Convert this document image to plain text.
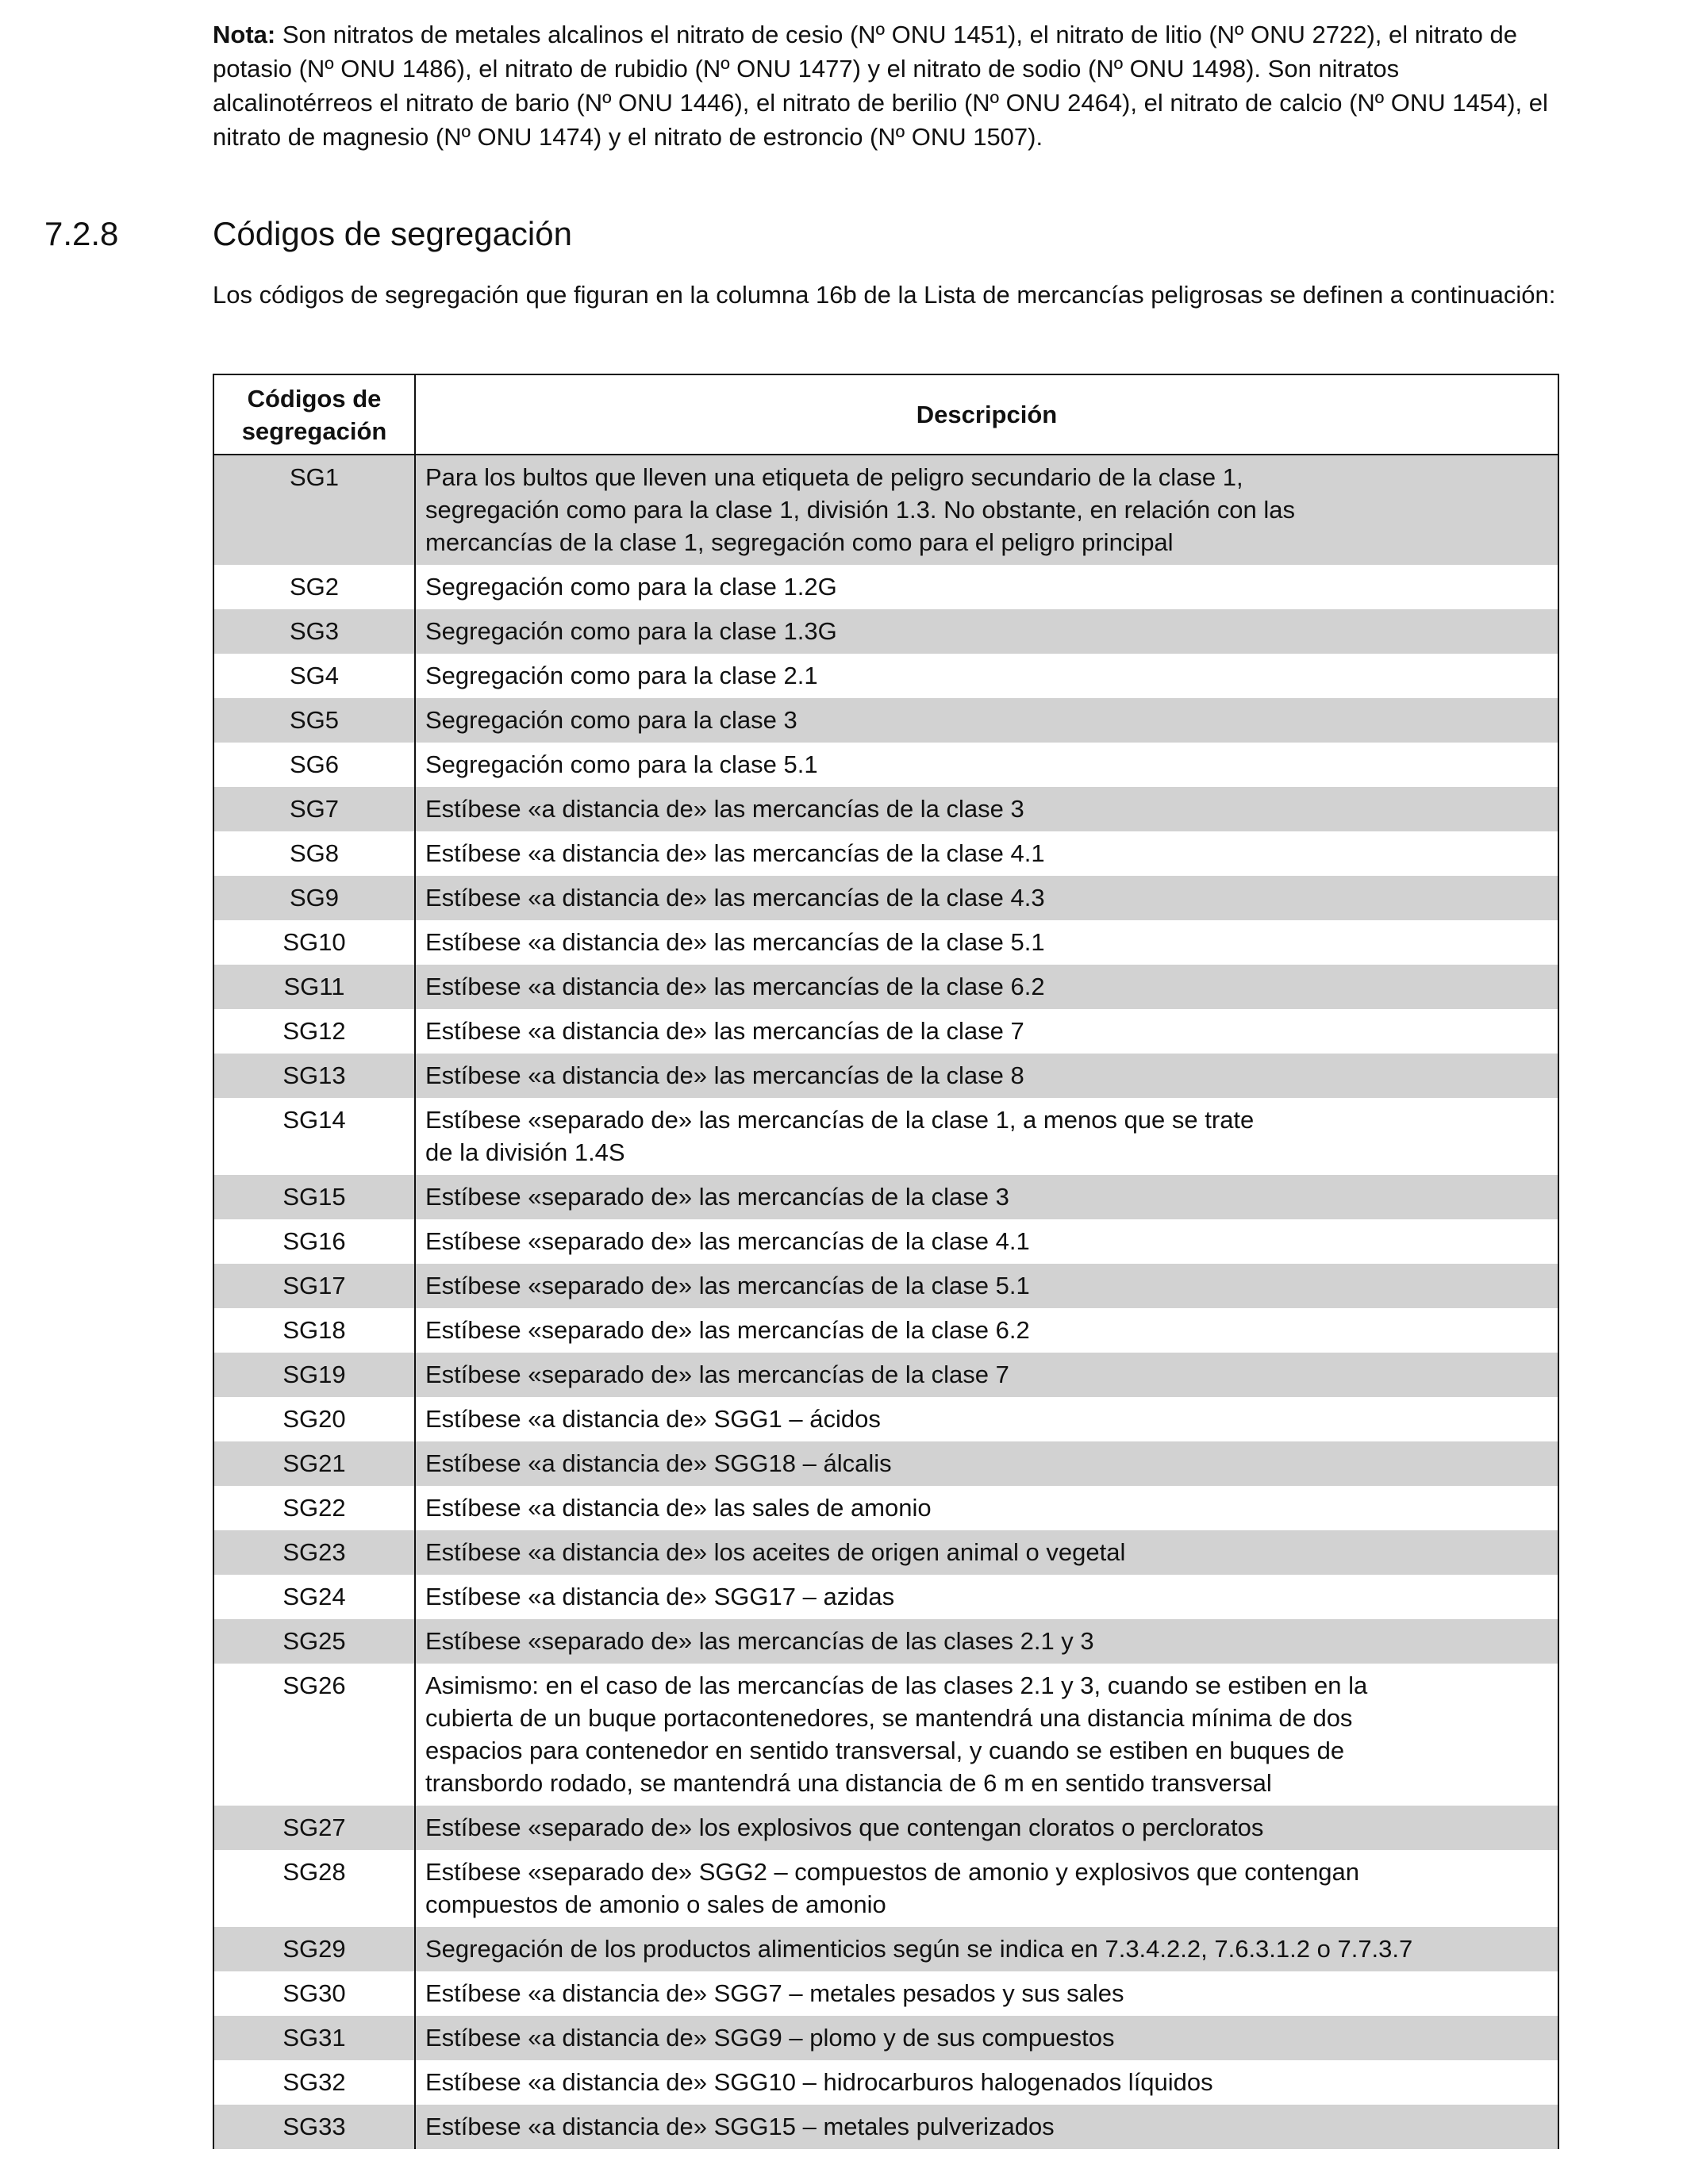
Nota: Son nitratos de metales alcalinos el nitrato de cesio (Nº ONU 1451), el nitrato de litio (Nº ONU 2722), el nitrato de potasio (Nº ONU 1486), el nitrato de rubidio (Nº ONU 1477) y el nitrato de sodio (Nº ONU 1498). Son nitratos alcalinotérreos el nitrato de bario (Nº ONU 1446), el nitrato de berilio (Nº ONU 2464), el nitrato de calcio (Nº ONU 1454), el nitrato de magnesio (Nº ONU 1474) y el nitrato de estroncio (Nº ONU 1507).
7.2.8	Códigos de segregación
Los códigos de segregación que figuran en la columna 16b de la Lista de mercancías peligrosas se definen a continuación:
Códigos de
segregación	Descripción
SG1	Para los bultos que lleven una etiqueta de peligro secundario de la clase 1,
segregación como para la clase 1, división 1.3. No obstante, en relación con las
mercancías de la clase 1, segregación como para el peligro principal
SG2	Segregación como para la clase 1.2G
SG3	Segregación como para la clase 1.3G
SG4	Segregación como para la clase 2.1
SG5	Segregación como para la clase 3
SG6	Segregación como para la clase 5.1
SG7	Estíbese «a distancia de» las mercancías de la clase 3
SG8	Estíbese «a distancia de» las mercancías de la clase 4.1
SG9	Estíbese «a distancia de» las mercancías de la clase 4.3
SG10	Estíbese «a distancia de» las mercancías de la clase 5.1
SG11	Estíbese «a distancia de» las mercancías de la clase 6.2
SG12	Estíbese «a distancia de» las mercancías de la clase 7
SG13	Estíbese «a distancia de» las mercancías de la clase 8
SG14	Estíbese «separado de» las mercancías de la clase 1, a menos que se trate
de la división 1.4S
SG15	Estíbese «separado de» las mercancías de la clase 3
SG16	Estíbese «separado de» las mercancías de la clase 4.1
SG17	Estíbese «separado de» las mercancías de la clase 5.1
SG18	Estíbese «separado de» las mercancías de la clase 6.2
SG19	Estíbese «separado de» las mercancías de la clase 7
SG20	Estíbese «a distancia de» SGG1 – ácidos
SG21	Estíbese «a distancia de» SGG18 – álcalis
SG22	Estíbese «a distancia de» las sales de amonio
SG23	Estíbese «a distancia de» los aceites de origen animal o vegetal
SG24	Estíbese «a distancia de» SGG17 – azidas
SG25	Estíbese «separado de» las mercancías de las clases 2.1 y 3
SG26	Asimismo: en el caso de las mercancías de las clases 2.1 y 3, cuando se estiben en la
cubierta de un buque portacontenedores, se mantendrá una distancia mínima de dos
espacios para contenedor en sentido transversal, y cuando se estiben en buques de
transbordo rodado, se mantendrá una distancia de 6 m en sentido transversal
SG27	Estíbese «separado de» los explosivos que contengan cloratos o percloratos
SG28	Estíbese «separado de» SGG2 – compuestos de amonio y explosivos que contengan
compuestos de amonio o sales de amonio
SG29	Segregación de los productos alimenticios según se indica en 7.3.4.2.2, 7.6.3.1.2 o 7.7.3.7
SG30	Estíbese «a distancia de» SGG7 – metales pesados y sus sales
SG31	Estíbese «a distancia de» SGG9 – plomo y de sus compuestos
SG32	Estíbese «a distancia de» SGG10 – hidrocarburos halogenados líquidos
SG33	Estíbese «a distancia de» SGG15 – metales pulverizados
